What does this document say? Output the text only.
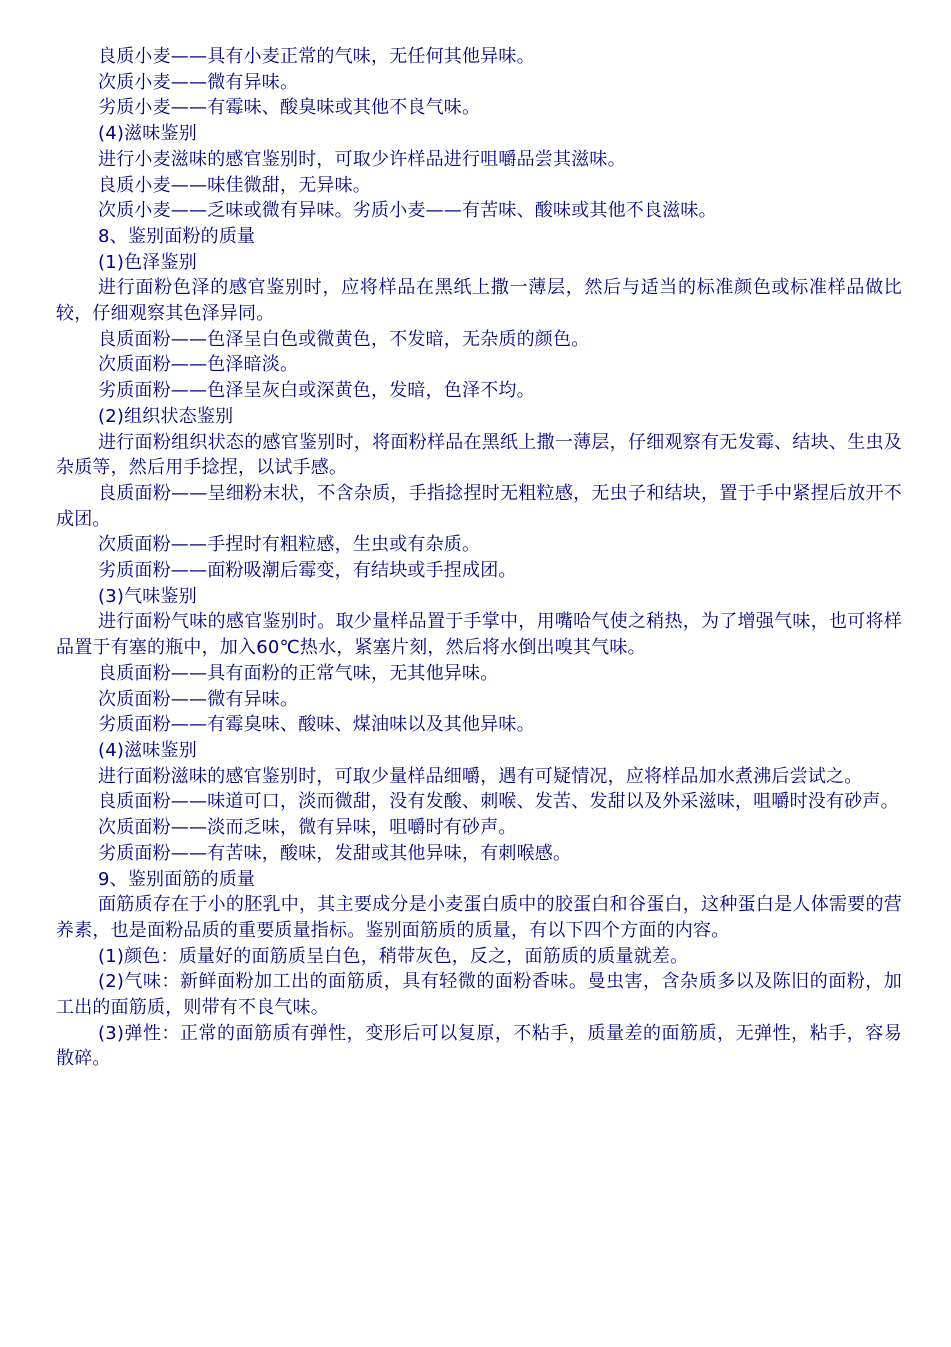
良质小麦——具有小麦正常的气味，无任何其他异味。

次质小麦——微有异味。

劣质小麦——有霉味、酸臭味或其他不良气味。

(4)滋味鉴别

进行小麦滋味的感官鉴别时，可取少许样品进行咀嚼品尝其滋味。

良质小麦——味佳微甜，无异味。

次质小麦——乏味或微有异味。劣质小麦——有苦味、酸味或其他不良滋味。

8、鉴别面粉的质量

(1)色泽鉴别

进行面粉色泽的感官鉴别时，应将样品在黑纸上撒一薄层，然后与适当的标准颜色或标准样品做比较，仔细观察其色泽异同。

良质面粉——色泽呈白色或微黄色，不发暗，无杂质的颜色。

次质面粉——色泽暗淡。

劣质面粉——色泽呈灰白或深黄色，发暗，色泽不均。

(2)组织状态鉴别

进行面粉组织状态的感官鉴别时，将面粉样品在黑纸上撒一薄层，仔细观察有无发霉、结块、生虫及杂质等，然后用手捻捏，以试手感。

良质面粉——呈细粉末状，不含杂质，手指捻捏时无粗粒感，无虫子和结块，置于手中紧捏后放开不成团。

次质面粉——手捏时有粗粒感，生虫或有杂质。

劣质面粉——面粉吸潮后霉变，有结块或手捏成团。

(3)气味鉴别

进行面粉气味的感官鉴别时。取少量样品置于手掌中，用嘴哈气使之稍热，为了增强气味，也可将样品置于有塞的瓶中，加入60℃热水，紧塞片刻，然后将水倒出嗅其气味。

良质面粉——具有面粉的正常气味，无其他异味。

次质面粉——微有异味。

劣质面粉——有霉臭味、酸味、煤油味以及其他异味。

(4)滋味鉴别

进行面粉滋味的感官鉴别时，可取少量样品细嚼，遇有可疑情况，应将样品加水煮沸后尝试之。

良质面粉——味道可口，淡而微甜，没有发酸、刺喉、发苦、发甜以及外采滋味，咀嚼时没有砂声。

次质面粉——淡而乏味，微有异味，咀嚼时有砂声。

劣质面粉——有苦味，酸味，发甜或其他异味，有刺喉感。

9、鉴别面筋的质量

面筋质存在于小的胚乳中，其主要成分是小麦蛋白质中的胶蛋白和谷蛋白，这种蛋白是人体需要的营养素，也是面粉品质的重要质量指标。鉴别面筋质的质量，有以下四个方面的内容。

(1)颜色：质量好的面筋质呈白色，稍带灰色，反之，面筋质的质量就差。

(2)气味：新鲜面粉加工出的面筋质，具有轻微的面粉香味。曼虫害，含杂质多以及陈旧的面粉，加工出的面筋质，则带有不良气味。

(3)弹性：正常的面筋质有弹性，变形后可以复原，不粘手，质量差的面筋质，无弹性，粘手，容易散碎。
